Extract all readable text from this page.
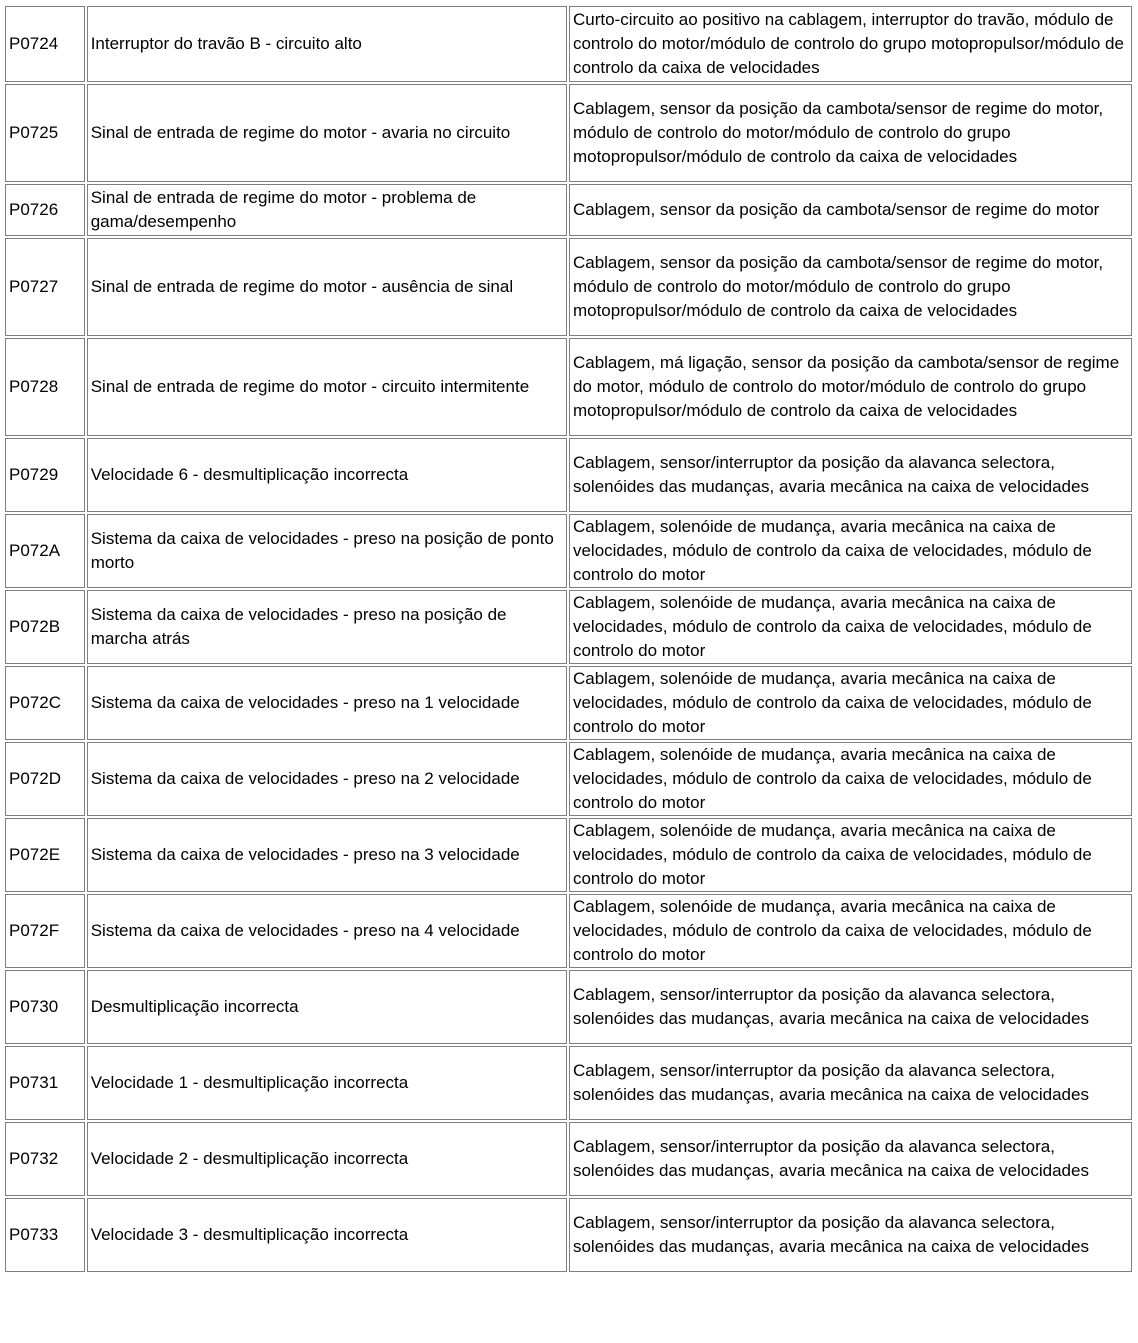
P0724	Interruptor do travão B - circuito alto	Curto-circuito ao positivo na cablagem, interruptor do travão, módulo de controlo do motor/módulo de controlo do grupo motopropulsor/módulo de controlo da caixa de velocidades
P0725	Sinal de entrada de regime do motor - avaria no circuito	Cablagem, sensor da posição da cambota/sensor de regime do motor, módulo de controlo do motor/módulo de controlo do grupo motopropulsor/módulo de controlo da caixa de velocidades
P0726	Sinal de entrada de regime do motor - problema de gama/desempenho	Cablagem, sensor da posição da cambota/sensor de regime do motor
P0727	Sinal de entrada de regime do motor - ausência de sinal	Cablagem, sensor da posição da cambota/sensor de regime do motor, módulo de controlo do motor/módulo de controlo do grupo motopropulsor/módulo de controlo da caixa de velocidades
P0728	Sinal de entrada de regime do motor - circuito intermitente	Cablagem, má ligação, sensor da posição da cambota/sensor de regime do motor, módulo de controlo do motor/módulo de controlo do grupo motopropulsor/módulo de controlo da caixa de velocidades
P0729	Velocidade 6 - desmultiplicação incorrecta	Cablagem, sensor/interruptor da posição da alavanca selectora, solenóides das mudanças, avaria mecânica na caixa de velocidades
P072A	Sistema da caixa de velocidades - preso na posição de ponto morto	Cablagem, solenóide de mudança, avaria mecânica na caixa de velocidades, módulo de controlo da caixa de velocidades, módulo de controlo do motor
P072B	Sistema da caixa de velocidades - preso na posição de marcha atrás	Cablagem, solenóide de mudança, avaria mecânica na caixa de velocidades, módulo de controlo da caixa de velocidades, módulo de controlo do motor
P072C	Sistema da caixa de velocidades - preso na 1 velocidade	Cablagem, solenóide de mudança, avaria mecânica na caixa de velocidades, módulo de controlo da caixa de velocidades, módulo de controlo do motor
P072D	Sistema da caixa de velocidades - preso na 2 velocidade	Cablagem, solenóide de mudança, avaria mecânica na caixa de velocidades, módulo de controlo da caixa de velocidades, módulo de controlo do motor
P072E	Sistema da caixa de velocidades - preso na 3 velocidade	Cablagem, solenóide de mudança, avaria mecânica na caixa de velocidades, módulo de controlo da caixa de velocidades, módulo de controlo do motor
P072F	Sistema da caixa de velocidades - preso na 4 velocidade	Cablagem, solenóide de mudança, avaria mecânica na caixa de velocidades, módulo de controlo da caixa de velocidades, módulo de controlo do motor
P0730	Desmultiplicação incorrecta	Cablagem, sensor/interruptor da posição da alavanca selectora, solenóides das mudanças, avaria mecânica na caixa de velocidades
P0731	Velocidade 1 - desmultiplicação incorrecta	Cablagem, sensor/interruptor da posição da alavanca selectora, solenóides das mudanças, avaria mecânica na caixa de velocidades
P0732	Velocidade 2 - desmultiplicação incorrecta	Cablagem, sensor/interruptor da posição da alavanca selectora, solenóides das mudanças, avaria mecânica na caixa de velocidades
P0733	Velocidade 3 - desmultiplicação incorrecta	Cablagem, sensor/interruptor da posição da alavanca selectora, solenóides das mudanças, avaria mecânica na caixa de velocidades
